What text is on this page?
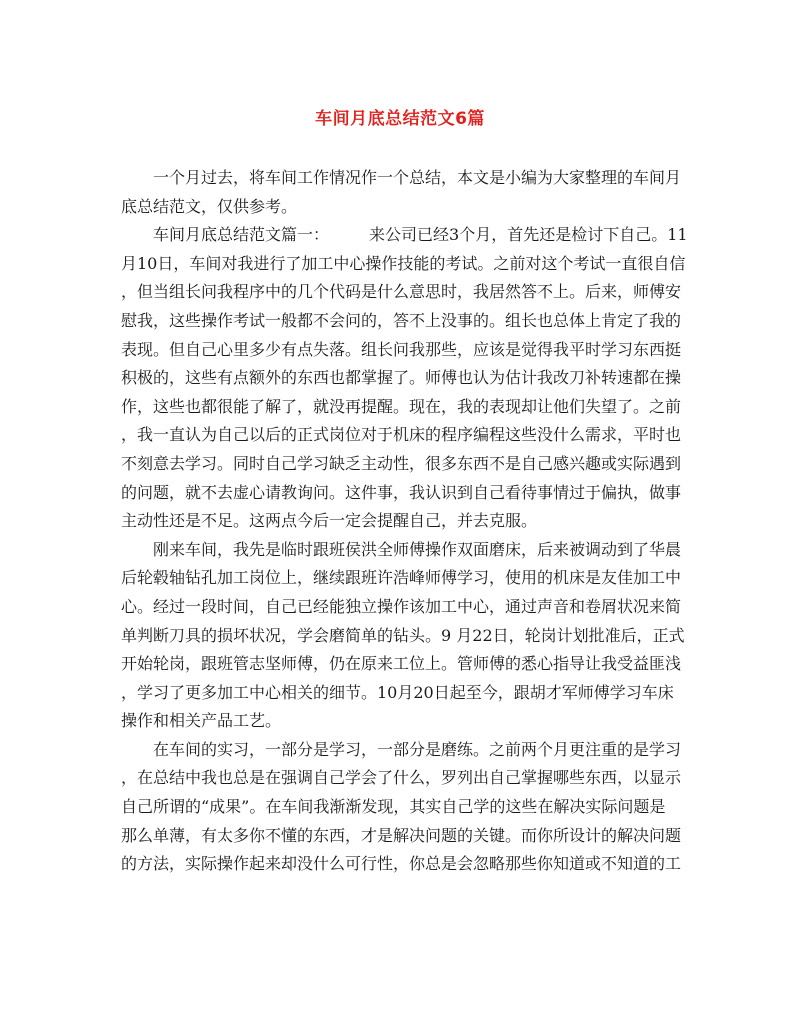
车间月底总结范文6篇
一个月过去，将车间工作情况作一个总结，本文是小编为大家整理的车间月
底总结范文，仅供参考。
车间月底总结范文篇一：	来公司已经3个月，首先还是检讨下自己。11
月10日，车间对我进行了加工中心操作技能的考试。之前对这个考试一直很自信
，但当组长问我程序中的几个代码是什么意思时，我居然答不上。后来，师傅安
慰我，这些操作考试一般都不会问的，答不上没事的。组长也总体上肯定了我的
表现。但自己心里多少有点失落。组长问我那些，应该是觉得我平时学习东西挺
积极的，这些有点额外的东西也都掌握了。师傅也认为估计我改刀补转速都在操
作，这些也都很能了解了，就没再提醒。现在，我的表现却让他们失望了。之前
，我一直认为自己以后的正式岗位对于机床的程序编程这些没什么需求，平时也
不刻意去学习。同时自己学习缺乏主动性，很多东西不是自己感兴趣或实际遇到
的问题，就不去虚心请教询问。这件事，我认识到自己看待事情过于偏执，做事
主动性还是不足。这两点今后一定会提醒自己，并去克服。
刚来车间，我先是临时跟班侯洪全师傅操作双面磨床，后来被调动到了华晨
后轮毂轴钻孔加工岗位上，继续跟班许浩峰师傅学习，使用的机床是友佳加工中
心。经过一段时间，自己已经能独立操作该加工中心，通过声音和卷屑状况来简
单判断刀具的损坏状况，学会磨简单的钻头。9 月22日，轮岗计划批准后，正式
开始轮岗，跟班管志坚师傅，仍在原来工位上。管师傅的悉心指导让我受益匪浅
，学习了更多加工中心相关的细节。10月20日起至今，跟胡才军师傅学习车床
操作和相关产品工艺。
在车间的实习，一部分是学习，一部分是磨练。之前两个月更注重的是学习
，在总结中我也总是在强调自己学会了什么，罗列出自己掌握哪些东西，以显示
自己所谓的“成果”。在车间我渐渐发现，其实自己学的这些在解决实际问题是
那么单薄，有太多你不懂的东西，才是解决问题的关键。而你所设计的解决问题
的方法，实际操作起来却没什么可行性，你总是会忽略那些你知道或不知道的工
